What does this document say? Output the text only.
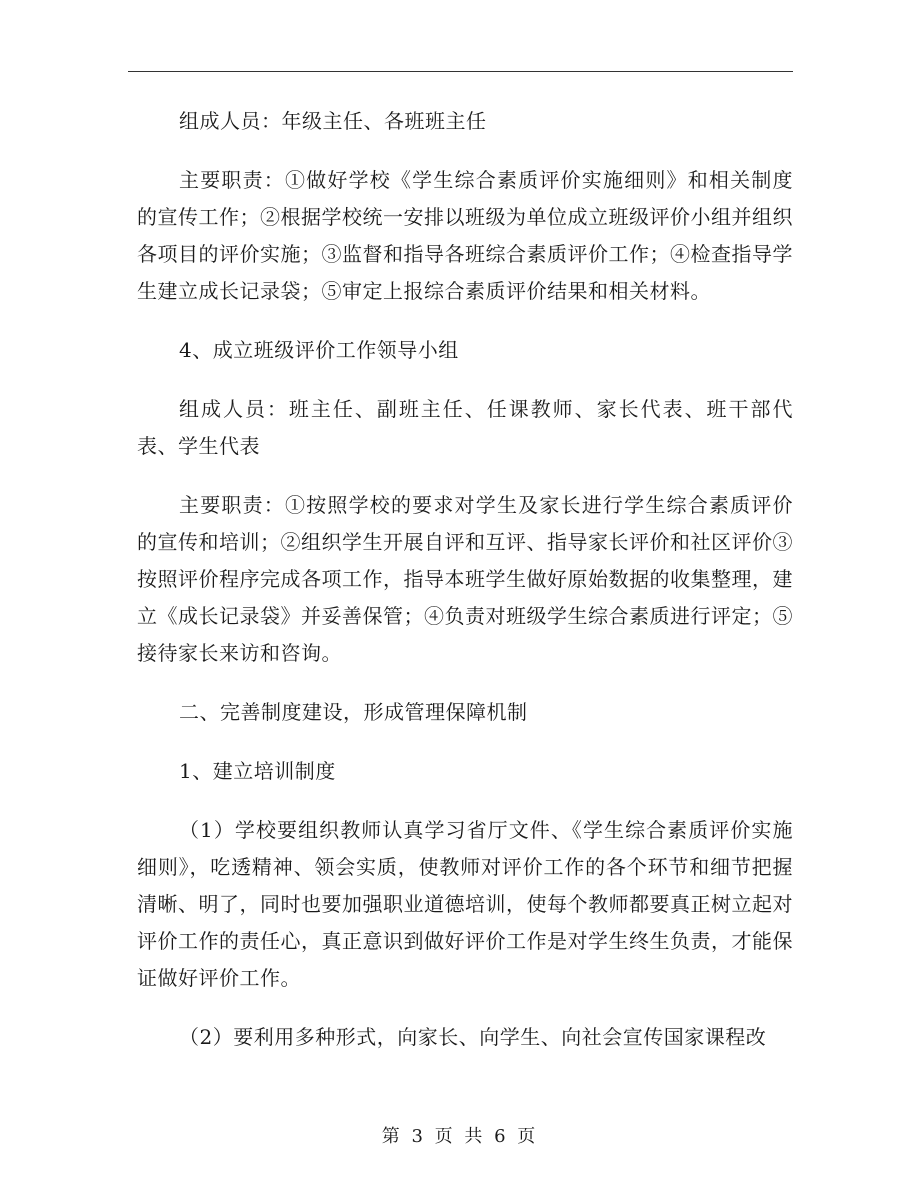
组成人员：年级主任、各班班主任

主要职责：①做好学校《学生综合素质评价实施细则》和相关制度的宣传工作；②根据学校统一安排以班级为单位成立班级评价小组并组织各项目的评价实施；③监督和指导各班综合素质评价工作；④检查指导学生建立成长记录袋；⑤审定上报综合素质评价结果和相关材料。

4、成立班级评价工作领导小组

组成人员：班主任、副班主任、任课教师、家长代表、班干部代表、学生代表

主要职责：①按照学校的要求对学生及家长进行学生综合素质评价的宣传和培训；②组织学生开展自评和互评、指导家长评价和社区评价③按照评价程序完成各项工作，指导本班学生做好原始数据的收集整理，建立《成长记录袋》并妥善保管；④负责对班级学生综合素质进行评定；⑤接待家长来访和咨询。

二、完善制度建设，形成管理保障机制

1、建立培训制度

（1）学校要组织教师认真学习省厅文件、《学生综合素质评价实施细则》，吃透精神、领会实质，使教师对评价工作的各个环节和细节把握清晰、明了，同时也要加强职业道德培训，使每个教师都要真正树立起对评价工作的责任心，真正意识到做好评价工作是对学生终生负责，才能保证做好评价工作。

（2）要利用多种形式，向家长、向学生、向社会宣传国家课程改

第 3 页 共 6 页
